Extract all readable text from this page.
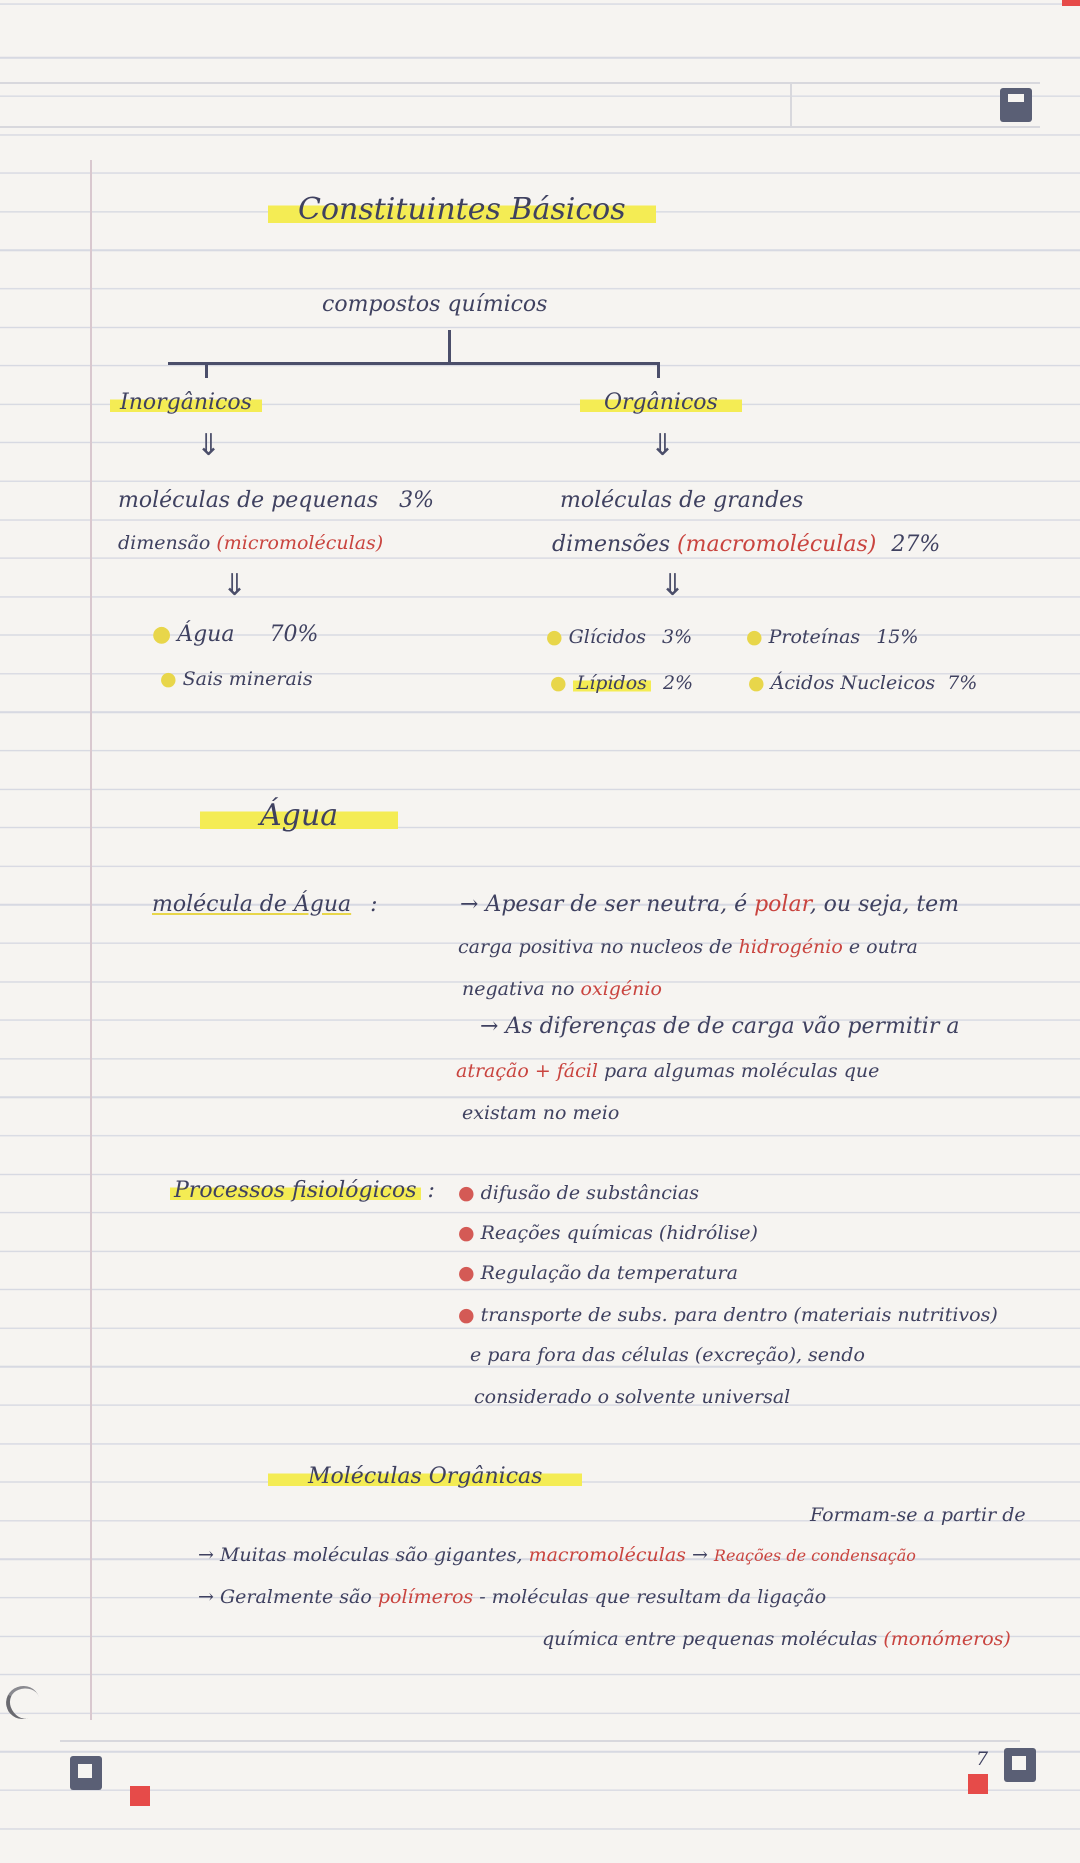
Constituintes Básicos
compostos químicos
Inorgânicos
⇓
moléculas de pequenas 3%
dimensão (micromoléculas)
⇓
● Água 70%
● Sais minerais
Orgânicos
⇓
moléculas de grandes
dimensões (macromoléculas) 27%
⇓
● Glícidos 3%
● Lípidos 2%
● Proteínas 15%
● Ácidos Nucleicos 7%
Água
molécula de Água :	→ Apesar de ser neutra, é polar, ou seja, tem
carga positiva no nucleos de hidrogénio e outra
negativa no oxigénio
→ As diferenças de de carga vão permitir a
atração + fácil para algumas moléculas que
existam no meio
Processos fisiológicos : ● difusão de substâncias
● Reações químicas (hidrólise)
● Regulação da temperatura
● transporte de subs. para dentro (materiais nutritivos)
e para fora das células (excreção), sendo
considerado o solvente universal
Moléculas Orgânicas
Formam-se a partir de
→ Muitas moléculas são gigantes, macromoléculas → Reações de condensação
→ Geralmente são polímeros - moléculas que resultam da ligação
química entre pequenas moléculas (monómeros)
7
